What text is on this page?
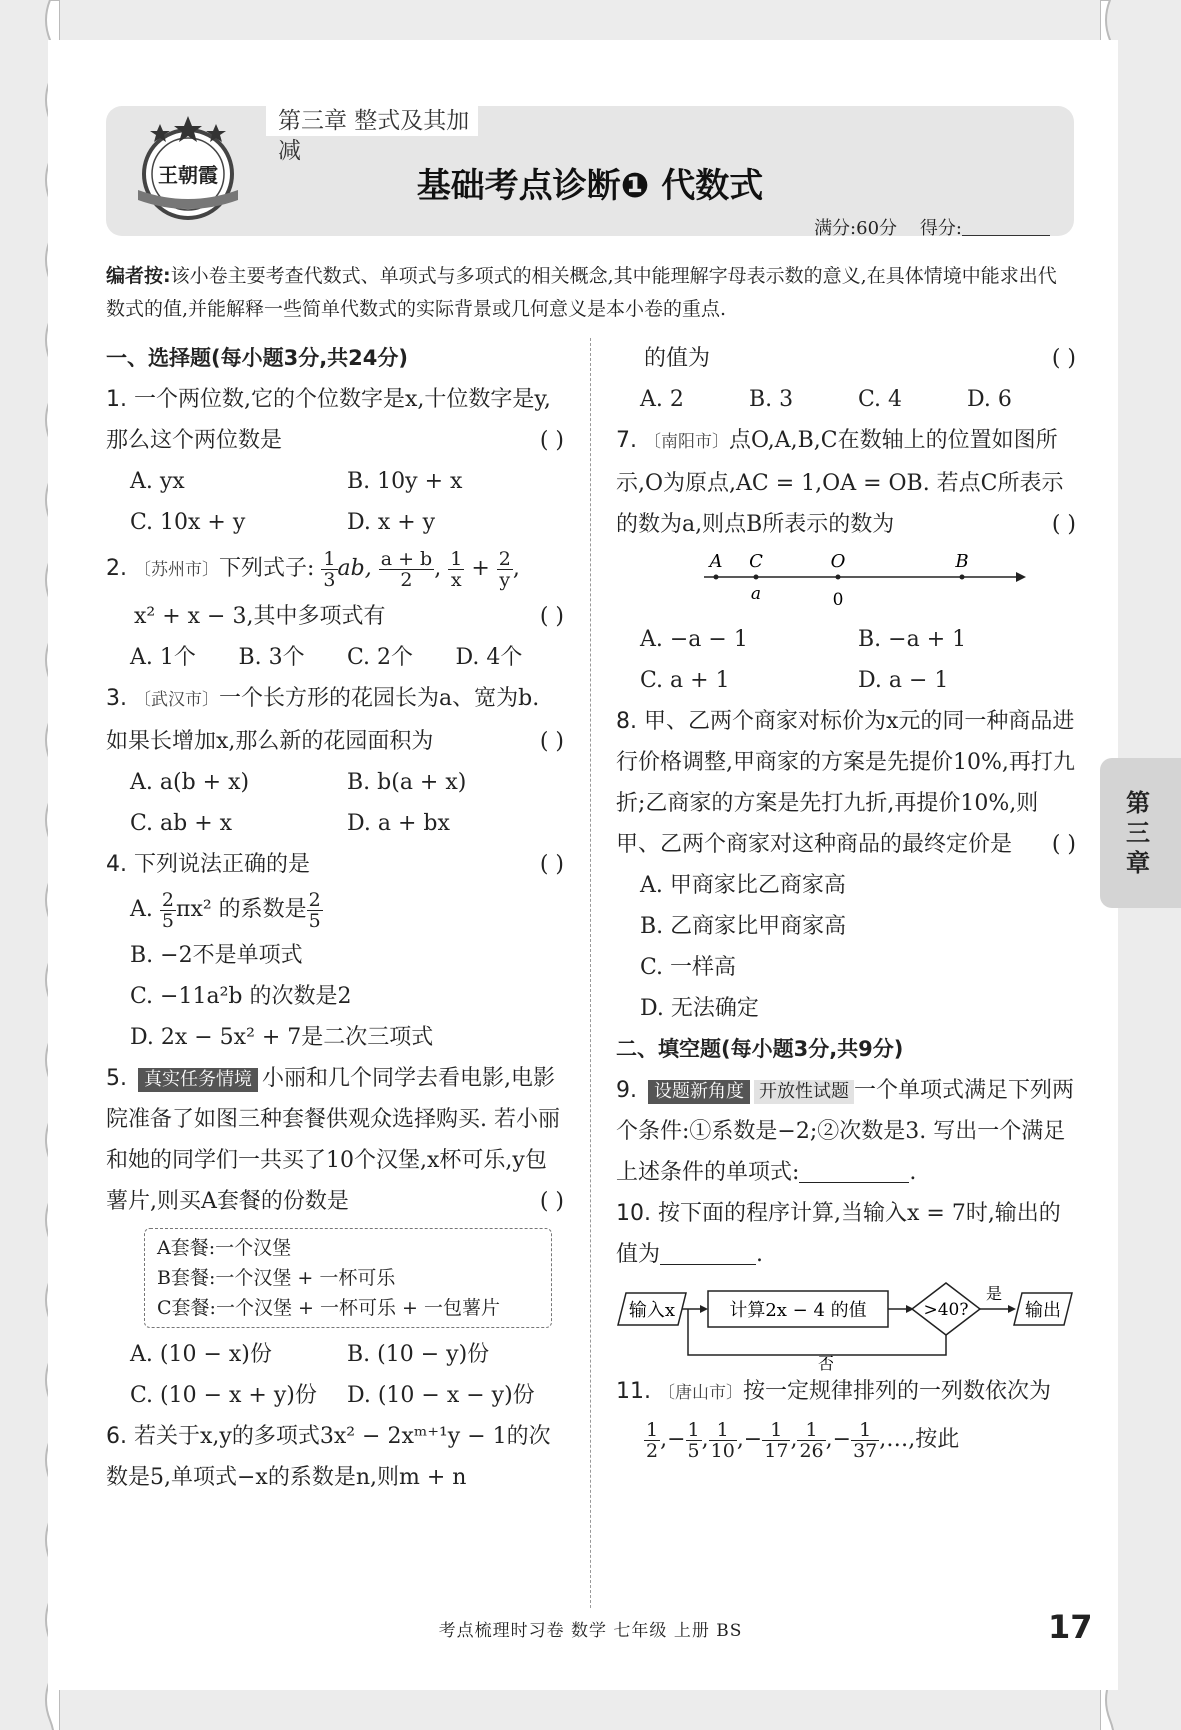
第三章 整式及其加减
基础考点诊断❶ 代数式
满分:60分 得分:
王朝霞
编者按:该小卷主要考查代数式、单项式与多项式的相关概念,其中能理解字母表示数的意义,在具体情境中能求出代数式的值,并能解释一些简单代数式的实际背景或几何意义是本小卷的重点.
一、选择题(每小题3分,共24分)
1. 一个两位数,它的个位数字是x,十位数字是y,那么这个两位数是	( )
A. yx	B. 10y + x
C. 10x + y	D. x + y
2. 〔苏州市〕下列式子: $\frac{1}{3}$ ab, $\frac{a + b}{2}$ , $\frac{1}{x} + \frac{2}{y}$ ,
x² + x − 3,其中多项式有	( )
A. 1个	B. 3个	C. 2个	D. 4个
3. 〔武汉市〕一个长方形的花园长为a、宽为b. 如果长增加x,那么新的花园面积为	( )
A. a(b + x)	B. b(a + x)
C. ab + x	D. a + bx
4. 下列说法正确的是	( )
A. $\frac{2}{5} \pi x^2$ 的系数是 $\frac{2}{5}$
B. −2不是单项式
C. −11a²b 的次数是2
D. 2x − 5x² + 7是二次三项式
5. 真实任务情境 小丽和几个同学去看电影,电影院准备了如图三种套餐供观众选择购买. 若小丽和她的同学们一共买了10个汉堡,x杯可乐,y包薯片,则买A套餐的份数是	( )
A套餐:一个汉堡
B套餐:一个汉堡 + 一杯可乐
C套餐:一个汉堡 + 一杯可乐 + 一包薯片
A. (10 − x)份	B. (10 − y)份
C. (10 − x + y)份	D. (10 − x − y)份
6. 若关于x,y的多项式3x² − 2xᵐ⁺¹y − 1的次数是5,单项式−x的系数是n,则m + n
的值为	( )
A. 2	B. 3	C. 4	D. 6
7. 〔南阳市〕点O,A,B,C在数轴上的位置如图所示,O为原点,AC = 1,OA = OB. 若点C所表示的数为a,则点B所表示的数为	( )
A C	O	B
a	0
A. −a − 1	B. −a + 1
C. a + 1	D. a − 1
8. 甲、乙两个商家对标价为x元的同一种商品进行价格调整,甲商家的方案是先提价10%,再打九折;乙商家的方案是先打九折,再提价10%,则甲、乙两个商家对这种商品的最终定价是 ( )
A. 甲商家比乙商家高
B. 乙商家比甲商家高
C. 一样高
D. 无法确定
二、填空题(每小题3分,共9分)
9. 设题新角度 开放性试题 一个单项式满足下列两个条件:①系数是−2;②次数是3. 写出一个满足上述条件的单项式:	.
10. 按下面的程序计算,当输入x = 7时,输出的值为	.
输入x	计算2x − 4 的值	>40?
是
输出
否
11. 〔唐山市〕按一定规律排列的一列数依次为
$\frac{1}{2}$ ,− $\frac{1}{5}$ , $\frac{1}{10}$ ,− $\frac{1}{17}$ , $\frac{1}{26}$ ,− $\frac{1}{37}$ ,…,按此
第三章
考点梳理时习卷 数学 七年级 上册 BS	17
